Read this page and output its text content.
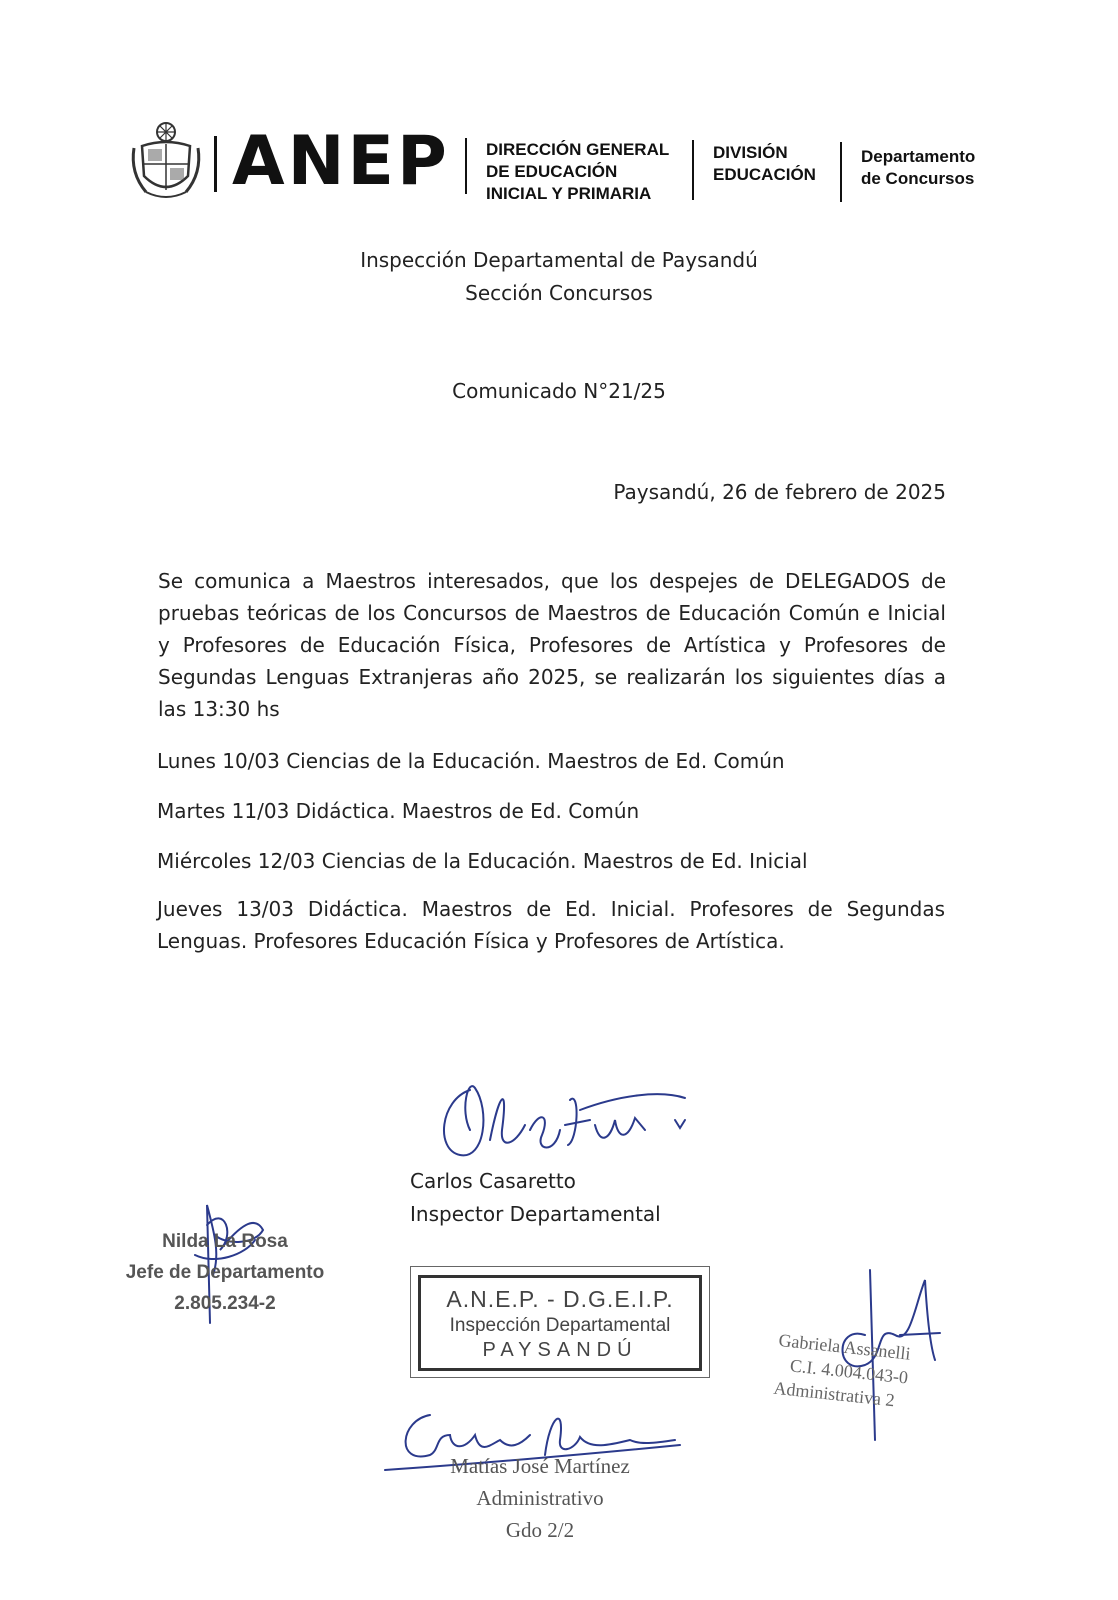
ANEP DIRECCIÓN GENERAL
DE EDUCACIÓN
INICIAL Y PRIMARIA
DIVISIÓN
EDUCACIÓN
Departamento
de Concursos
Inspección Departamental de Paysandú
Sección Concursos
Comunicado N°21/25
Paysandú, 26 de febrero de 2025

Se comunica a Maestros interesados, que los despejes de DELEGADOS de pruebas teóricas de los Concursos de Maestros de Educación Común e Inicial y Profesores de Educación Física, Profesores de Artística y Profesores de Segundas Lenguas Extranjeras año 2025, se realizarán los siguientes días a las 13:30 hs

Lunes 10/03 Ciencias de la Educación. Maestros de Ed. Común
Martes 11/03 Didáctica. Maestros de Ed. Común
Miércoles 12/03 Ciencias de la Educación. Maestros de Ed. Inicial
Jueves 13/03 Didáctica. Maestros de Ed. Inicial. Profesores de Segundas Lenguas. Profesores Educación Física y Profesores de Artística.
Carlos Casaretto
Inspector Departamental
Nilda La Rosa
Jefe de Departamento
2.805.234-2	A.N.E.P. - D.G.E.I.P.
Inspección Departamental
PAYSANDÚ	Gabriela Assanelli
C.I. 4.004.043-0
Administrativa 2
Matías José Martínez
Administrativo
Gdo 2/2
